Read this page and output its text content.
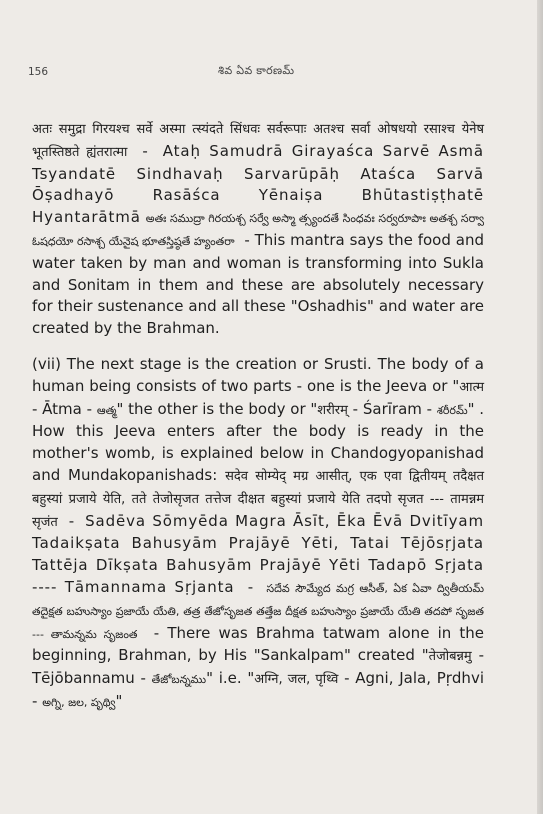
156	శివ ఏవ కారణమ్

अतः समुद्रा गिरयश्च सर्वे अस्मा त्स्यंदते सिंधवः सर्वरूपाः अतश्च सर्वा ओषधयो रसाश्च येनेष भूतस्तिष्ठते ह्यंतरात्मा - Ataḥ Samudrā Girayaśca Sarvē Asmā Tsyandatē Sindhavaḥ Sarvarūpāḥ Ataśca Sarvā Ōṣadhayō Rasāśca Yēnaiṣa Bhūtastiṣṭhatē Hyantarātmā అతః సముద్రా గిరయశ్చ సర్వే అస్మా త్స్యందతే సింధవః సర్వరూపాః అతశ్చ సర్వా ఓషధయో రసాశ్చ యేనైష భూతస్తిష్ఠతే హ్యంతరా - This mantra says the food and water taken by man and woman is transforming into Sukla and Sonitam in them and these are absolutely necessary for their sustenance and all these "Oshadhis" and water are created by the Brahman.

(vii) The next stage is the creation or Srusti. The body of a human being consists of two parts - one is the Jeeva or "आत्म - Ātma - ఆత్మ" the other is the body or "शरीरम् - Śarīram - శరీరమ్" . How this Jeeva enters after the body is ready in the mother's womb, is explained below in Chandogyopanishad and Mundakopanishads: सदेव सोम्येद् मग्र आसीत्, एक एवा द्वितीयम् तदैक्षत बहुस्यां प्रजाये येति, तते तेजोसृजत तत्तेज दीक्षत बहुस्यां प्रजाये येति तदपो सृजत --- तामन्नम सृजंत - Sadēva Sōmyēda Magra Āsīt, Ēka Ēvā Dvitīyam Tadaikṣata Bahusyām Prajāyē Yēti, Tatai Tējōsṛjata Tattēja Dīkṣata Bahusyām Prajāyē Yēti Tadapō Sṛjata ---- Tāmannama Sṛjanta - సదేవ సౌమ్యేద మగ్ర ఆసీత్, ఏక ఏవా ద్వితీయమ్ తదైక్షత బహుస్యాం ప్రజాయే యేతి, తత్ర తేజోసృజత తత్తేజ దీక్షత బహుస్యాం ప్రజాయే యేతి తదపో సృజత --- తామన్నమ సృజంత - There was Brahma tatwam alone in the beginning, Brahman, by His "Sankalpam" created "तेजोबन्नमु - Tējōbannamu - తేజోబన్నము" i.e. "अग्नि, जल, पृथ्वि - Agni, Jala, Pṛdhvi - అగ్ని, జల, పృథ్వి"
